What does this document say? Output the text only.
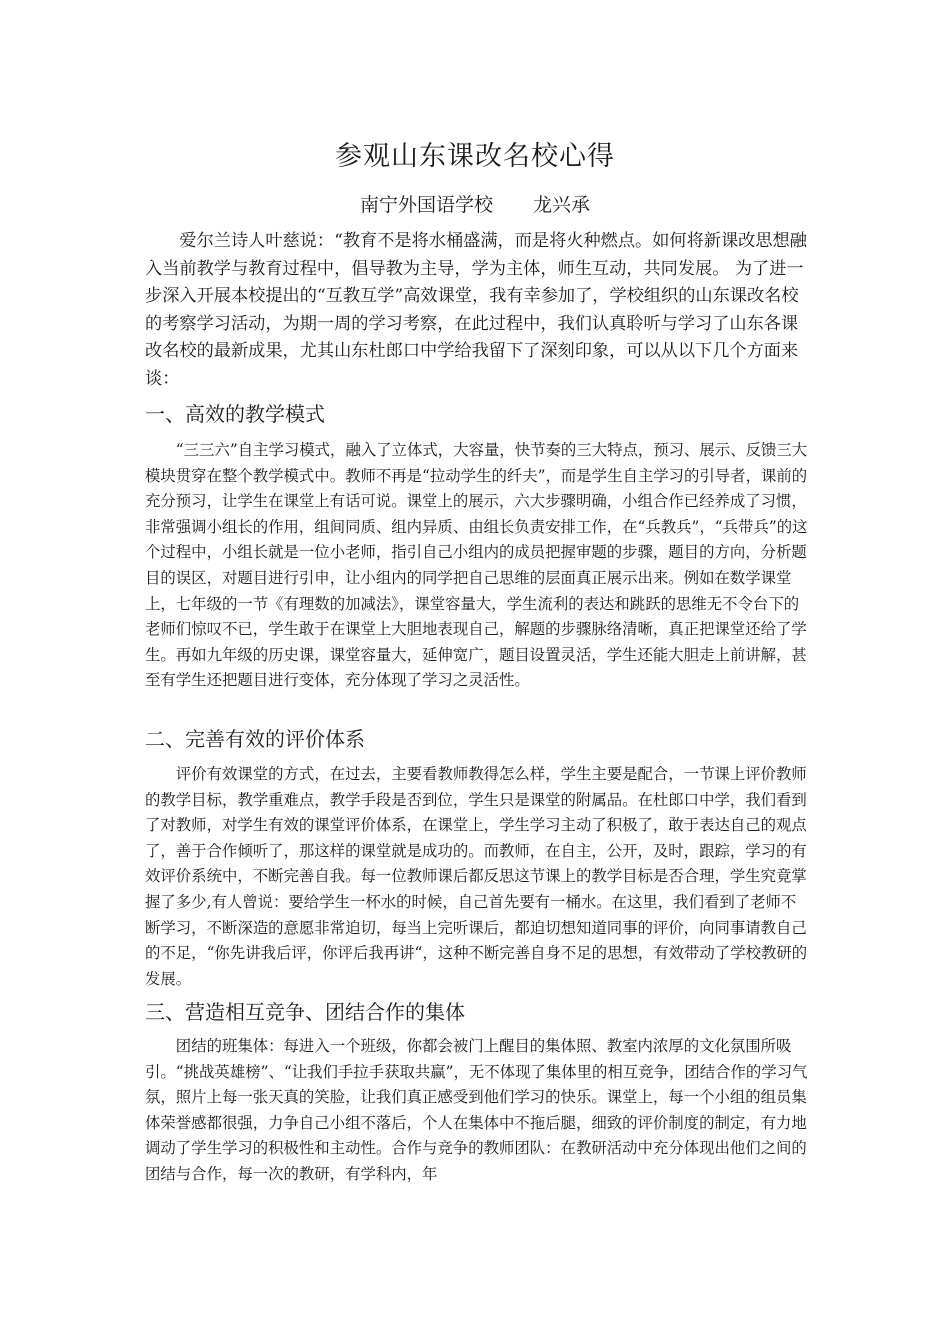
参观山东课改名校心得
南宁外国语学校 龙兴承

爱尔兰诗人叶慈说：“教育不是将水桶盛满，而是将火种燃点。如何将新课改思想融入当前教学与教育过程中，倡导教为主导，学为主体，师生互动，共同发展。 为了进一步深入开展本校提出的“互教互学”高效课堂，我有幸参加了，学校组织的山东课改名校的考察学习活动，为期一周的学习考察，在此过程中，我们认真聆听与学习了山东各课改名校的最新成果，尤其山东杜郎口中学给我留下了深刻印象，可以从以下几个方面来谈：

一、高效的教学模式

“三三六”自主学习模式，融入了立体式，大容量，快节奏的三大特点，预习、展示、反馈三大模块贯穿在整个教学模式中。教师不再是“拉动学生的纤夫”，而是学生自主学习的引导者，课前的充分预习，让学生在课堂上有话可说。课堂上的展示，六大步骤明确，小组合作已经养成了习惯，非常强调小组长的作用，组间同质、组内异质、由组长负责安排工作，在“兵教兵”，“兵带兵”的这个过程中，小组长就是一位小老师，指引自己小组内的成员把握审题的步骤，题目的方向，分析题目的误区，对题目进行引申，让小组内的同学把自己思维的层面真正展示出来。例如在数学课堂上，七年级的一节《有理数的加减法》，课堂容量大，学生流利的表达和跳跃的思维无不令台下的老师们惊叹不已，学生敢于在课堂上大胆地表现自己，解题的步骤脉络清晰，真正把课堂还给了学生。再如九年级的历史课，课堂容量大，延伸宽广，题目设置灵活，学生还能大胆走上前讲解，甚至有学生还把题目进行变体，充分体现了学习之灵活性。

二、完善有效的评价体系

评价有效课堂的方式，在过去，主要看教师教得怎么样，学生主要是配合，一节课上评价教师的教学目标，教学重难点，教学手段是否到位，学生只是课堂的附属品。在杜郎口中学，我们看到了对教师，对学生有效的课堂评价体系，在课堂上，学生学习主动了积极了，敢于表达自己的观点了，善于合作倾听了，那这样的课堂就是成功的。而教师，在自主，公开，及时，跟踪，学习的有效评价系统中，不断完善自我。每一位教师课后都反思这节课上的教学目标是否合理，学生究竟掌握了多少,有人曾说：要给学生一杯水的时候，自己首先要有一桶水。在这里，我们看到了老师不断学习，不断深造的意愿非常迫切，每当上完听课后，都迫切想知道同事的评价，向同事请教自己的不足，“你先讲我后评，你评后我再讲“，这种不断完善自身不足的思想，有效带动了学校教研的发展。

三、营造相互竞争、团结合作的集体

团结的班集体：每进入一个班级，你都会被门上醒目的集体照、教室内浓厚的文化氛围所吸引。“挑战英雄榜”、“让我们手拉手获取共赢”，无不体现了集体里的相互竞争，团结合作的学习气氛，照片上每一张天真的笑脸，让我们真正感受到他们学习的快乐。课堂上，每一个小组的组员集体荣誉感都很强，力争自己小组不落后，个人在集体中不拖后腿，细致的评价制度的制定，有力地调动了学生学习的积极性和主动性。合作与竞争的教师团队：在教研活动中充分体现出他们之间的团结与合作，每一次的教研，有学科内，年
